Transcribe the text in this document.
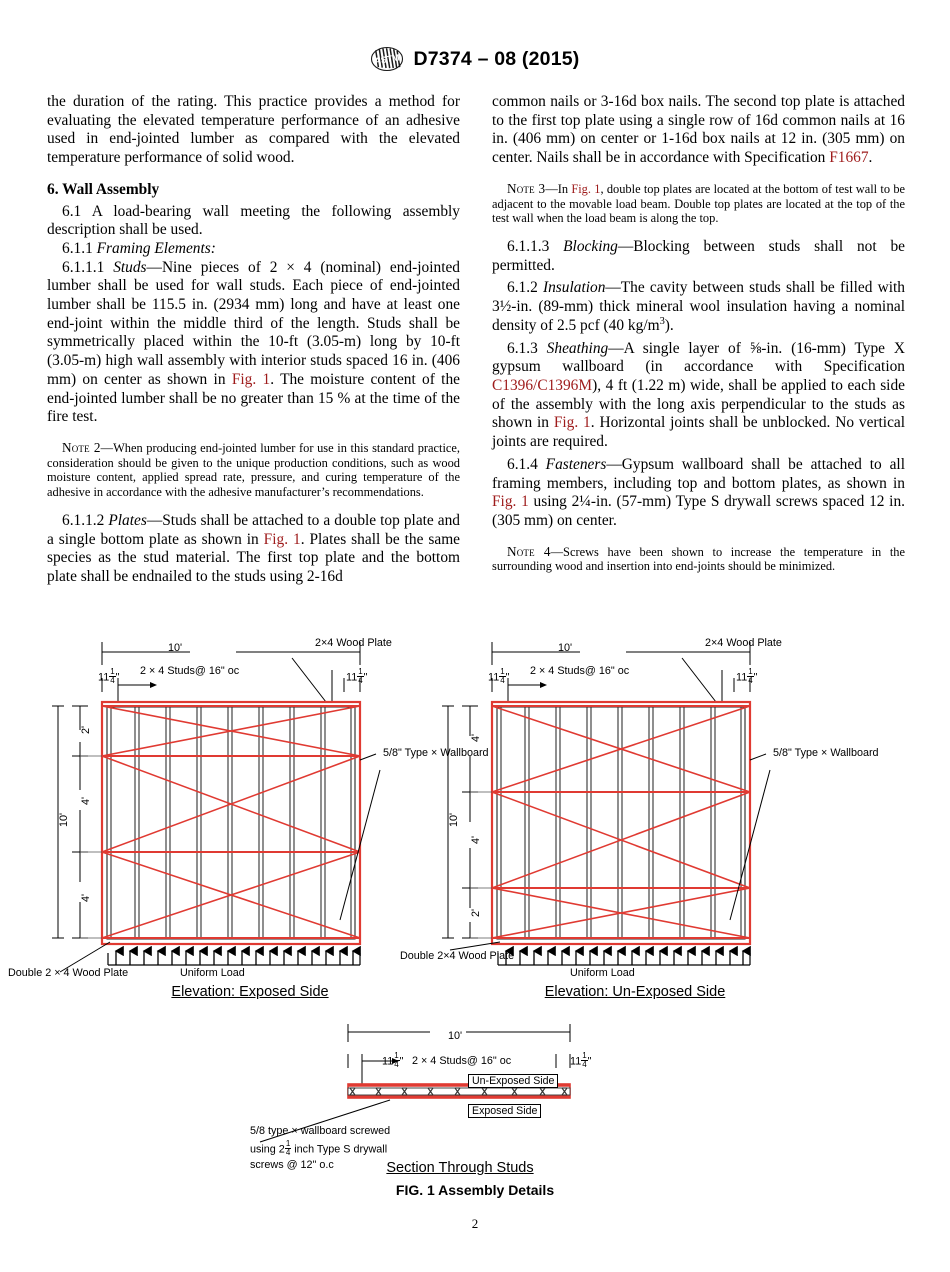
ASTM D7374 – 08 (2015)

the duration of the rating. This practice provides a method for evaluating the elevated temperature performance of an adhesive used in end-jointed lumber as compared with the elevated temperature performance of solid wood.

6. Wall Assembly

6.1 A load-bearing wall meeting the following assembly description shall be used.

6.1.1 Framing Elements:

6.1.1.1 Studs—Nine pieces of 2 × 4 (nominal) end-jointed lumber shall be used for wall studs. Each piece of end-jointed lumber shall be 115.5 in. (2934 mm) long and have at least one end-joint within the middle third of the length. Studs shall be symmetrically placed within the 10-ft (3.05-m) long by 10-ft (3.05-m) high wall assembly with interior studs spaced 16 in. (406 mm) on center as shown in Fig. 1. The moisture content of the end-jointed lumber shall be no greater than 15 % at the time of the fire test.

Note 2—When producing end-jointed lumber for use in this standard practice, consideration should be given to the unique production conditions, such as wood moisture content, applied spread rate, pressure, and curing temperature of the adhesive in accordance with the adhesive manufacturer’s recommendations.

6.1.1.2 Plates—Studs shall be attached to a double top plate and a single bottom plate as shown in Fig. 1. Plates shall be the same species as the stud material. The first top plate and the bottom plate shall be endnailed to the studs using 2-16d

common nails or 3-16d box nails. The second top plate is attached to the first top plate using a single row of 16d common nails at 16 in. (406 mm) on center or 1-16d box nails at 12 in. (305 mm) on center. Nails shall be in accordance with Specification F1667.

Note 3—In Fig. 1, double top plates are located at the bottom of test wall to be adjacent to the movable load beam. Double top plates are located at the top of the test wall when the load beam is along the top.

6.1.1.3 Blocking—Blocking between studs shall not be permitted.

6.1.2 Insulation—The cavity between studs shall be filled with 3½-in. (89-mm) thick mineral wool insulation having a nominal density of 2.5 pcf (40 $kg/m^3$).

6.1.3 Sheathing—A single layer of ⅝-in. (16-mm) Type X gypsum wallboard (in accordance with Specification C1396/C1396M), 4 ft (1.22 m) wide, shall be applied to each side of the assembly with the long axis perpendicular to the studs as shown in Fig. 1. Horizontal joints shall be unblocked. No vertical joints are required.

6.1.4 Fasteners—Gypsum wallboard shall be attached to all framing members, including top and bottom plates, as shown in Fig. 1 using 2¼-in. (57-mm) Type S drywall screws spaced 12 in. (305 mm) on center.

Note 4—Screws have been shown to increase the temperature in the surrounding wood and insertion into end-joints should be minimized.

10'
2 × 4 Studs@ 16" oc
2×4 Wood Plate
$11 \frac{1}{4}$ "	$11 \frac{1}{4}$ "
10'
2'
4'
4'
5/8" Type × Wallboard
Double 2 × 4 Wood Plate	Uniform Load
Elevation: Exposed Side
10'
2 × 4 Studs@ 16" oc
2×4 Wood Plate
$11 \frac{1}{4}$ "	$11 \frac{1}{4}$ "
10'
4'
4'
2'
5/8" Type × Wallboard
Double 2×4 Wood Plate
Uniform Load
Elevation: Un-Exposed Side
10'
$11 \frac{1}{4}$ "	$11 \frac{1}{4}$ "
2 × 4 Studs@ 16" oc
Un-Exposed Side
Exposed Side
5/8 type × wallboard screwed
using $2 \frac{1}{4}$ inch Type S drywall
screws @ 12" o.c	Section Through Studs
FIG. 1 Assembly Details
2
